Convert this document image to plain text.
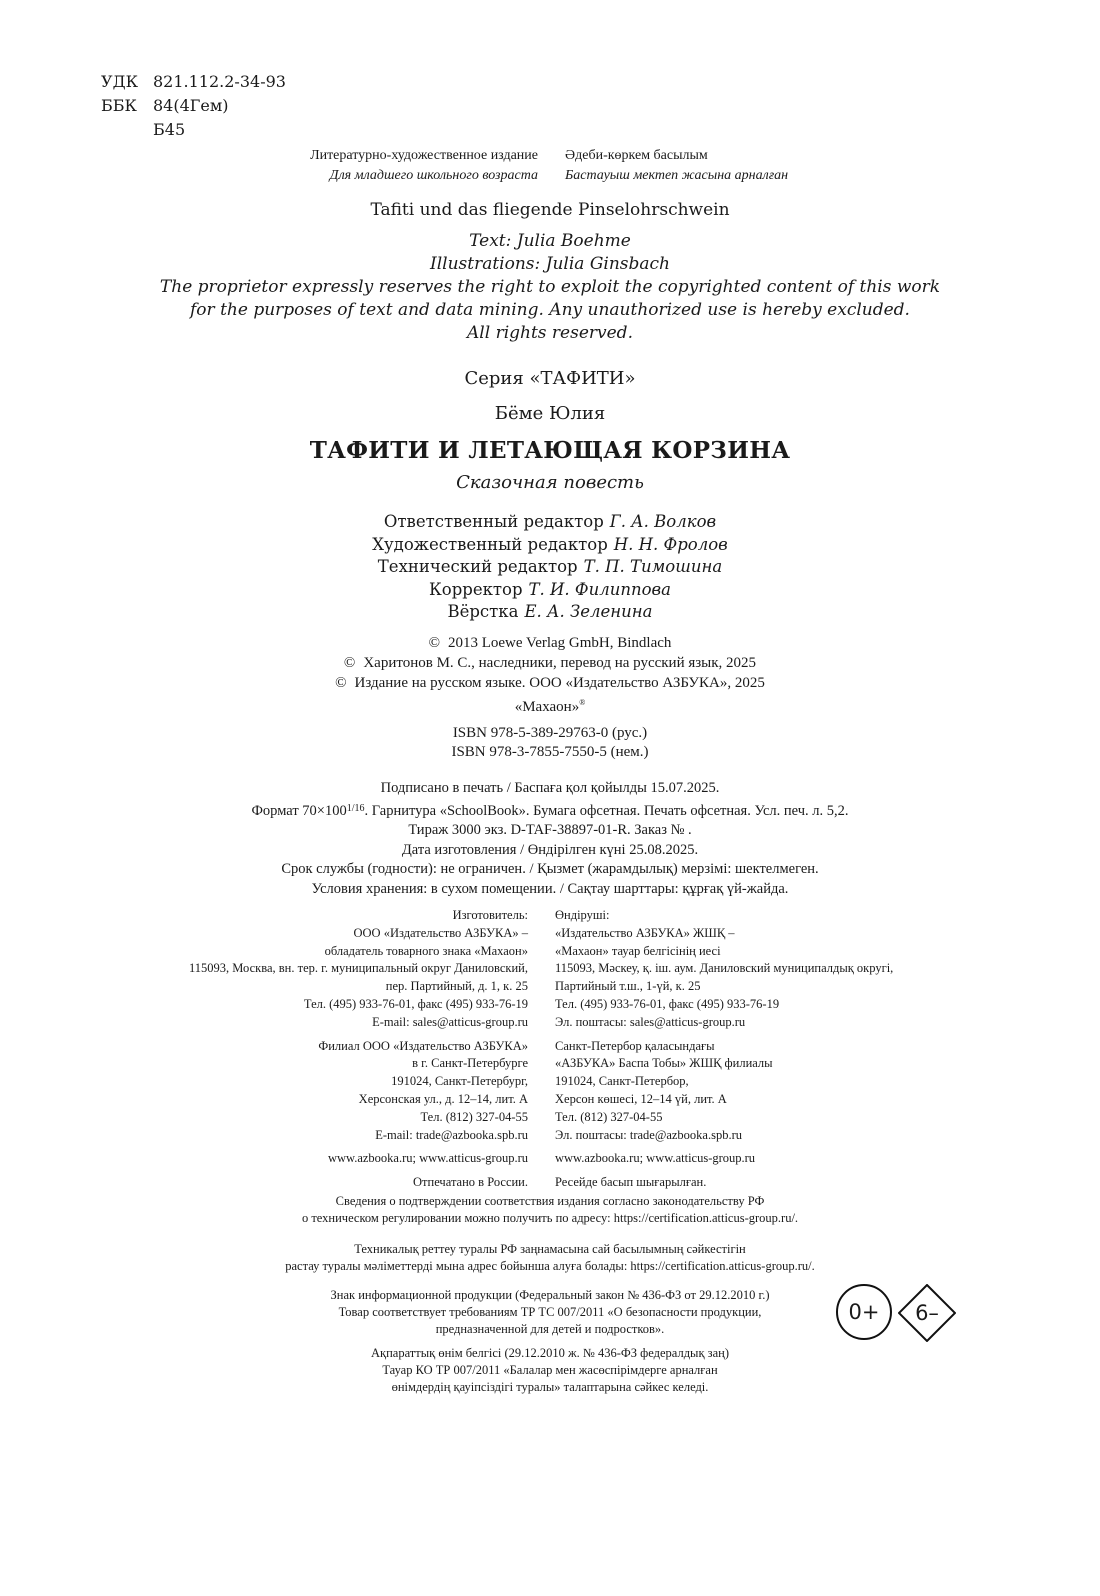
УДК 821.112.2-34-93
ББК	84(4Гем)
Б45
Литературно-художественное издание
Для младшего школьного возраста
Әдеби-көркем басылым
Бастауыш мектеп жасына арналған
Tafiti und das fliegende Pinselohrschwein
Text: Julia Boehme
Illustrations: Julia Ginsbach
The proprietor expressly reserves the right to exploit the copyrighted content of this work
for the purposes of text and data mining. Any unauthorized use is hereby excluded.
All rights reserved.
Серия «ТАФИТИ»
Бёме Юлия
ТАФИТИ И ЛЕТАЮЩАЯ КОРЗИНА
Сказочная повесть
Ответственный редактор Г. А. Волков
Художественный редактор Н. Н. Фролов
Технический редактор Т. П. Тимошина
Корректор Т. И. Филиппова
Вёрстка Е. А. Зеленина
© 2013 Loewe Verlag GmbH, Bindlach
© Харитонов М. С., наследники, перевод на русский язык, 2025
© Издание на русском языке. ООО «Издательство АЗБУКА», 2025
«Махаон»®
ISBN 978-5-389-29763-0 (рус.)
ISBN 978-3-7855-7550-5 (нем.)
Подписано в печать / Баспаға қол қойылды 15.07.2025.
Формат $70\times 100^{1/16}$. Гарнитура «SchoolBook». Бумага офсетная. Печать офсетная. Усл. печ. л. 5,2.
Тираж 3000 экз. D-TAF-38897-01-R. Заказ № .
Дата изготовления / Өндірілген күні 25.08.2025.
Срок службы (годности): не ограничен. / Қызмет (жарамдылық) мерзімі: шектелмеген.
Условия хранения: в сухом помещении. / Сақтау шарттары: құрғақ үй-жайда.
Изготовитель:
ООО «Издательство АЗБУКА» –
обладатель товарного знака «Махаон»
115093, Москва, вн. тер. г. муниципальный округ Даниловский,
пер. Партийный, д. 1, к. 25
Тел. (495) 933-76-01, факс (495) 933-76-19
E-mail: sales@atticus-group.ru
Филиал ООО «Издательство АЗБУКА»
в г. Санкт-Петербурге
191024, Санкт-Петербург,
Херсонская ул., д. 12–14, лит. А
Тел. (812) 327-04-55
E-mail: trade@azbooka.spb.ru
www.azbooka.ru; www.atticus-group.ru
Отпечатано в России.
Өндіруші:
«Издательство АЗБУКА» ЖШҚ –
«Махаон» тауар белгісінің иесі
115093, Мәскеу, қ. іш. аум. Даниловский муниципалдық округі,
Партийный т.ш., 1-үй, к. 25
Тел. (495) 933-76-01, факс (495) 933-76-19
Эл. поштасы: sales@atticus-group.ru
Санкт-Петербор қаласындағы
«АЗБУКА» Баспа Тобы» ЖШҚ филиалы
191024, Санкт-Петербор,
Херсон көшесі, 12–14 үй, лит. А
Тел. (812) 327-04-55
Эл. поштасы: trade@azbooka.spb.ru
www.azbooka.ru; www.atticus-group.ru
Ресейде басып шығарылған.
Сведения о подтверждении соответствия издания согласно законодательству РФ
о техническом регулировании можно получить по адресу: https://certification.atticus-group.ru/.
Техникалық реттеу туралы РФ заңнамасына сай басылымның сәйкестігін
растау туралы мәліметтерді мына адрес бойынша алуға болады: https://certification.atticus-group.ru/.
Знак информационной продукции (Федеральный закон № 436-ФЗ от 29.12.2010 г.)
Товар соответствует требованиям ТР ТС 007/2011 «О безопасности продукции,
предназначенной для детей и подростков».
Ақпараттық өнім белгісі (29.12.2010 ж. № 436-ФЗ федералдық заң)
Тауар КО ТР 007/2011 «Балалар мен жасөспірімдерге арналған
өнімдердің қауіпсіздігі туралы» талаптарына сәйкес келеді.
0+	6–
